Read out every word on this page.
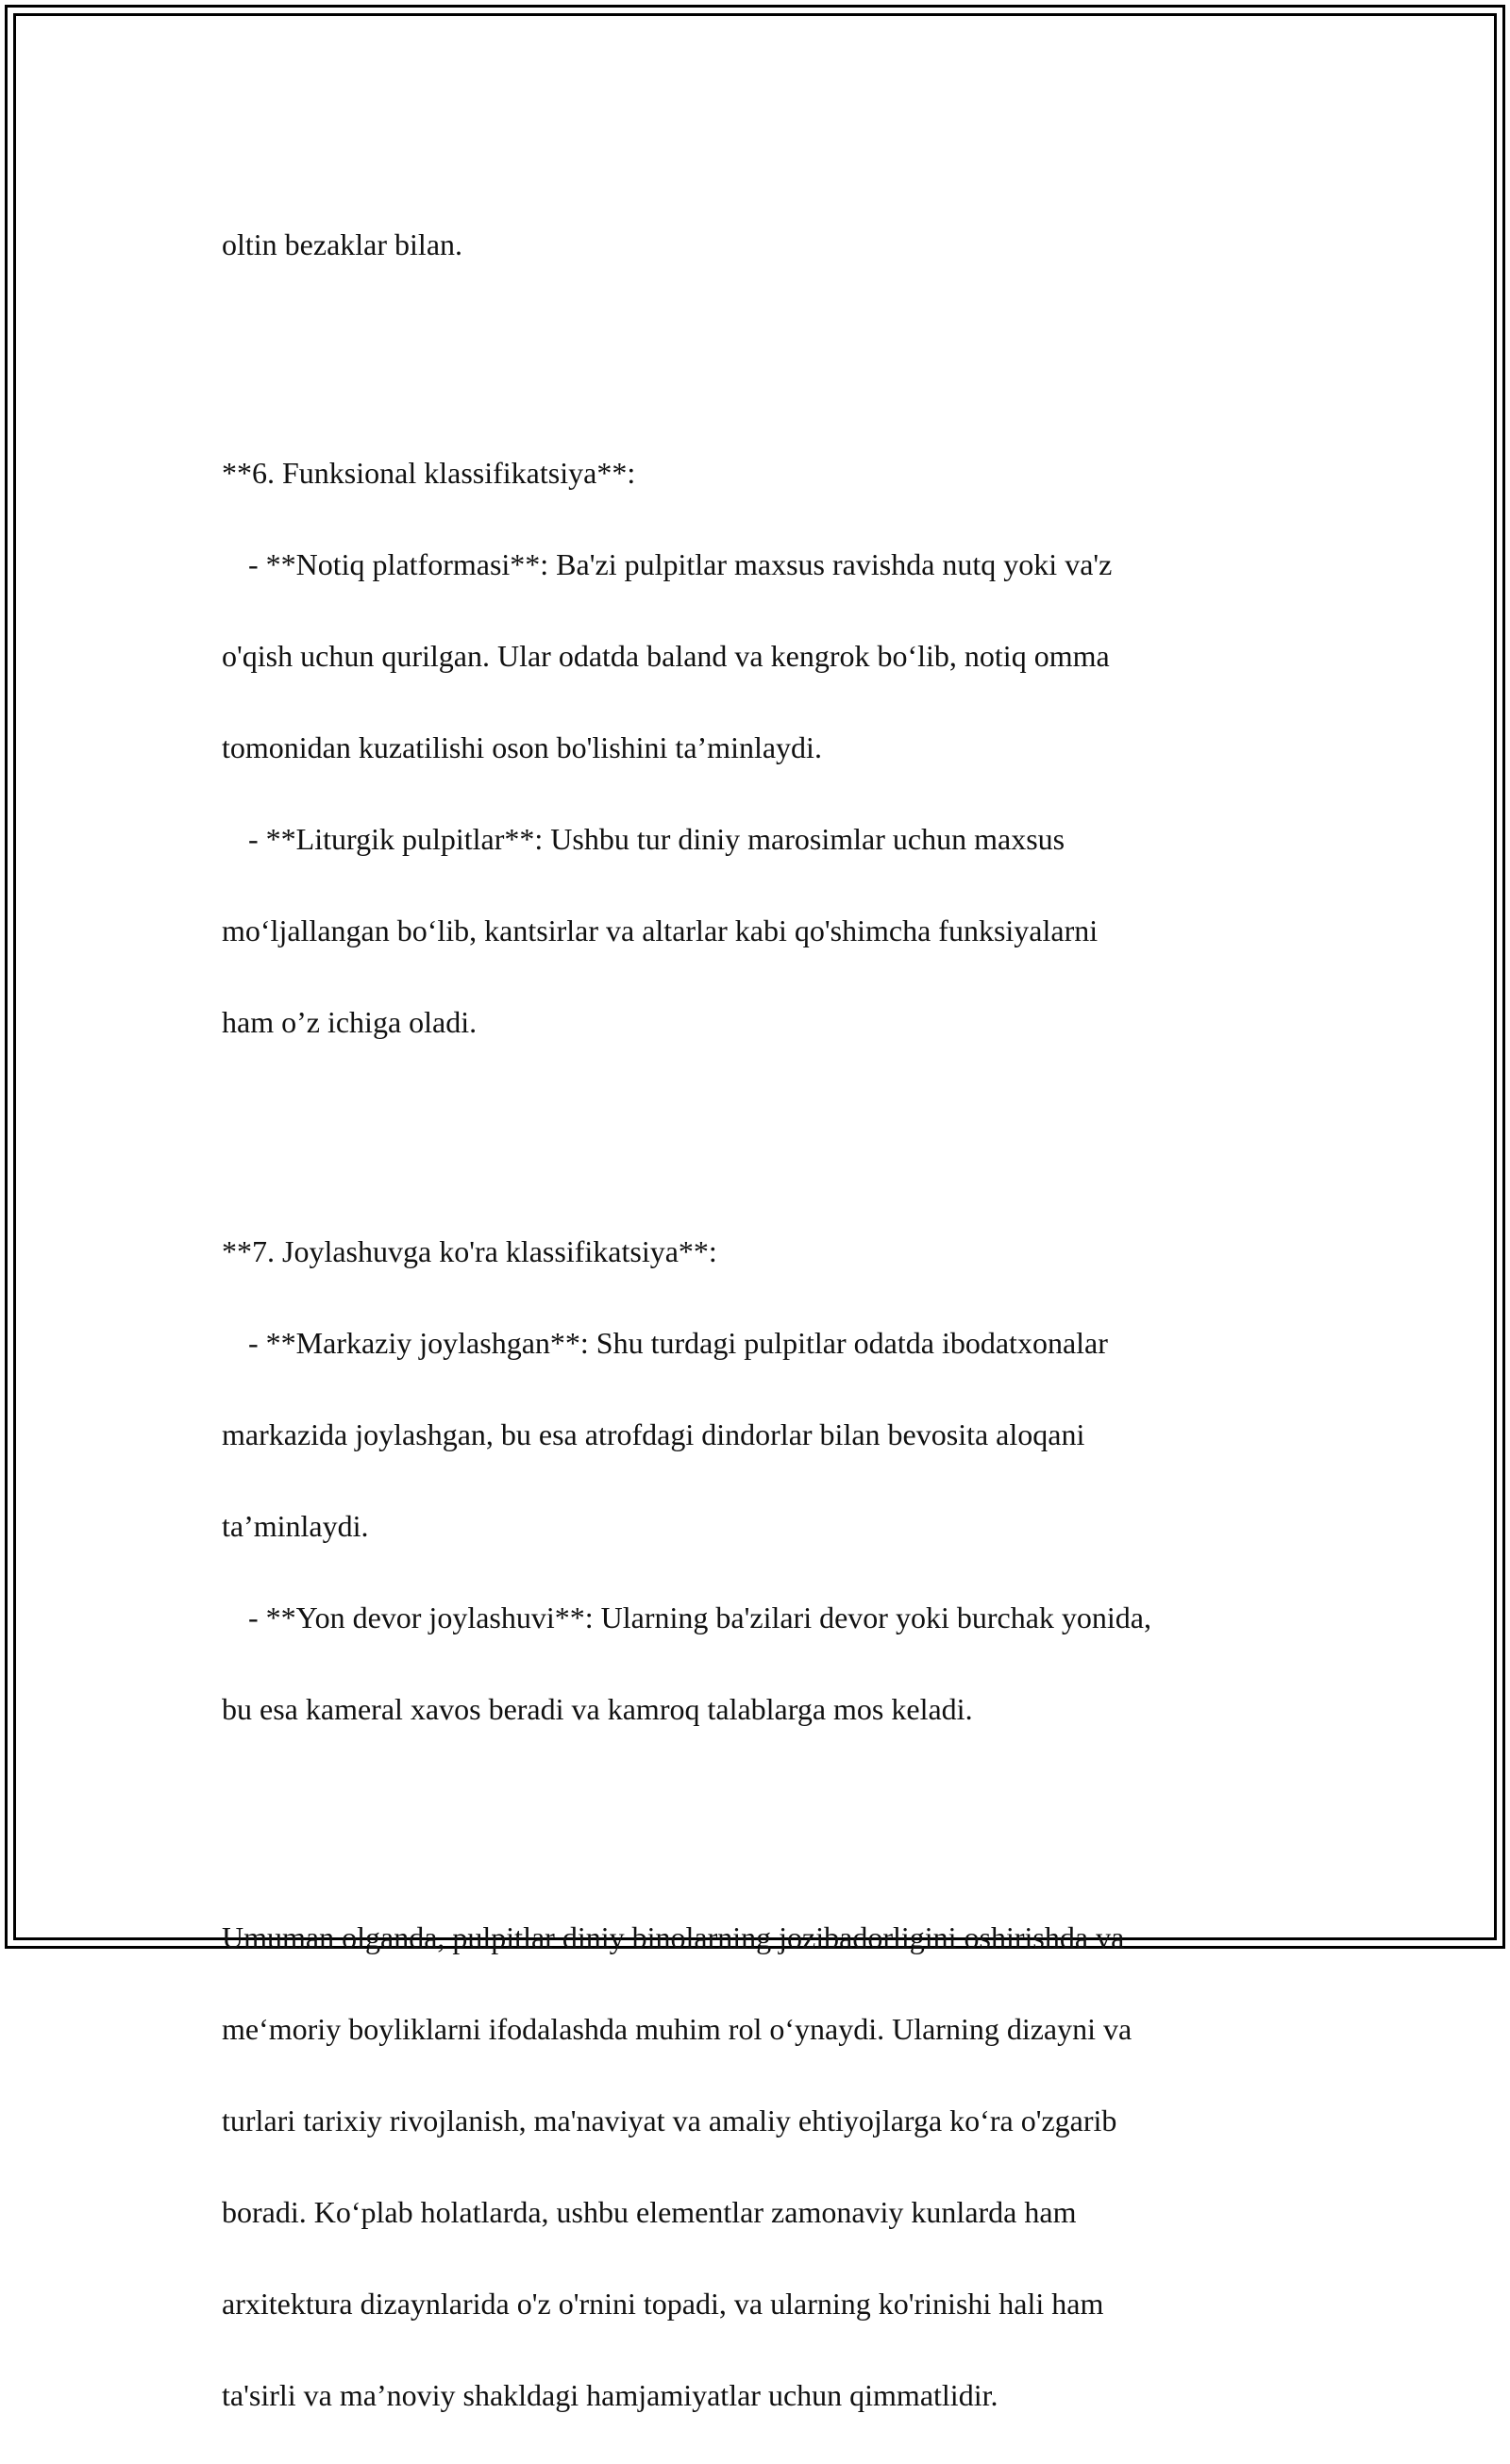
oltin bezaklar bilan.

**6. Funksional klassifikatsiya**:

- **Notiq platformasi**: Ba'zi pulpitlar maxsus ravishda nutq yoki va'z

o'qish uchun qurilgan. Ular odatda baland va kengrok bo‘lib, notiq omma

tomonidan kuzatilishi oson bo'lishini ta’minlaydi.

- **Liturgik pulpitlar**: Ushbu tur diniy marosimlar uchun maxsus

mo‘ljallangan bo‘lib, kantsirlar va altarlar kabi qo'shimcha funksiyalarni

ham o’z ichiga oladi.

**7. Joylashuvga ko'ra klassifikatsiya**:

- **Markaziy joylashgan**: Shu turdagi pulpitlar odatda ibodatxonalar

markazida joylashgan, bu esa atrofdagi dindorlar bilan bevosita aloqani

ta’minlaydi.

- **Yon devor joylashuvi**: Ularning ba'zilari devor yoki burchak yonida,

bu esa kameral xavos beradi va kamroq talablarga mos keladi.

Umuman olganda, pulpitlar diniy binolarning jozibadorligini oshirishda va

me‘moriy boyliklarni ifodalashda muhim rol o‘ynaydi. Ularning dizayni va

turlari tarixiy rivojlanish, ma'naviyat va amaliy ehtiyojlarga ko‘ra o'zgarib

boradi. Ko‘plab holatlarda, ushbu elementlar zamonaviy kunlarda ham

arxitektura dizaynlarida o'z o'rnini topadi, va ularning ko'rinishi hali ham

ta'sirli va ma’noviy shakldagi hamjamiyatlar uchun qimmatlidir.
